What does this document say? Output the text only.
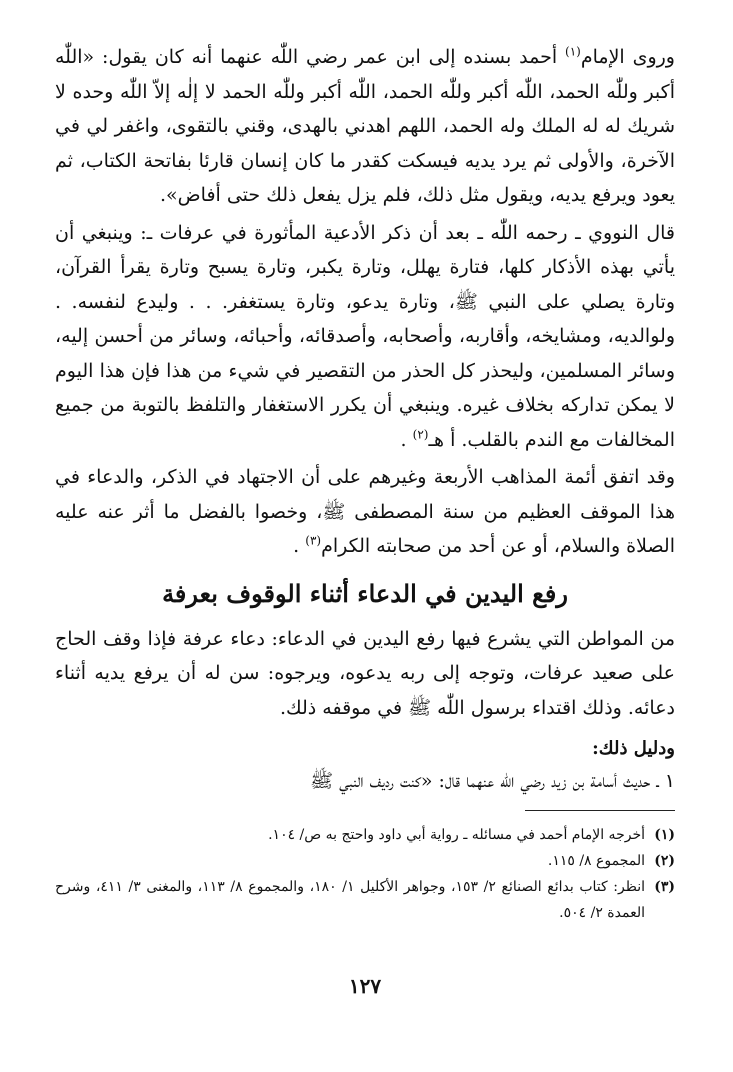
وروى الإمام$^{(١)}$ أحمد بسنده إلى ابن عمر رضي اللّٰه عنهما أنه كان يقول: «اللّٰه أكبر وللّٰه الحمد، اللّٰه أكبر وللّٰه الحمد، اللّٰه أكبر وللّٰه الحمد لا إلٰه إلاّ اللّٰه وحده لا شريك له له الملك وله الحمد، اللهم اهدني بالهدى، وقني بالتقوى، واغفر لي في الآخرة، والأولى ثم يرد يديه فيسكت كقدر ما كان إنسان قارئا بفاتحة الكتاب، ثم يعود ويرفع يديه، ويقول مثل ذلك، فلم يزل يفعل ذلك حتى أفاض».

قال النووي ـ رحمه اللّٰه ـ بعد أن ذكر الأدعية المأثورة في عرفات ـ: وينبغي أن يأتي بهذه الأذكار كلها، فتارة يهلل، وتارة يكبر، وتارة يسبح وتارة يقرأ القرآن، وتارة يصلي على النبي ﷺ، وتارة يدعو، وتارة يستغفر. . . وليدع لنفسه. . ولوالديه، ومشايخه، وأقاربه، وأصحابه، وأصدقائه، وأحبائه، وسائر من أحسن إليه، وسائر المسلمين، وليحذر كل الحذر من التقصير في شيء من هذا فإن هذا اليوم لا يمكن تداركه بخلاف غيره. وينبغي أن يكرر الاستغفار والتلفظ بالتوبة من جميع المخالفات مع الندم بالقلب. أ هـ$^{(٢)}$ .

وقد اتفق أئمة المذاهب الأربعة وغيرهم على أن الاجتهاد في الذكر، والدعاء في هذا الموقف العظيم من سنة المصطفى ﷺ، وخصوا بالفضل ما أثر عنه عليه الصلاة والسلام، أو عن أحد من صحابته الكرام$^{(٣)}$ .

رفع اليدين في الدعاء أثناء الوقوف بعرفة

من المواطن التي يشرع فيها رفع اليدين في الدعاء: دعاء عرفة فإذا وقف الحاج على صعيد عرفات، وتوجه إلى ربه يدعوه، ويرجوه: سن له أن يرفع يديه أثناء دعائه. وذلك اقتداء برسول اللّٰه ﷺ في موقفه ذلك.

ودليل ذلك:
١ ـ حديث أسامة بن زيد رضي اللّٰه عنهما قال: «كنت رديف النبي ﷺ
(١)
أخرجه الإمام أحمد في مسائله ـ رواية أبي داود واحتج به ص/ ١٠٤.
(٢)
المجموع ٨/ ١١٥.
(٣)
انظر: كتاب بدائع الصنائع ٢/ ١٥٣، وجواهر الأكليل ١/ ١٨٠، والمجموع ٨/ ١١٣، والمغنى ٣/ ٤١١، وشرح العمدة ٢/ ٥٠٤.
١٢٧
